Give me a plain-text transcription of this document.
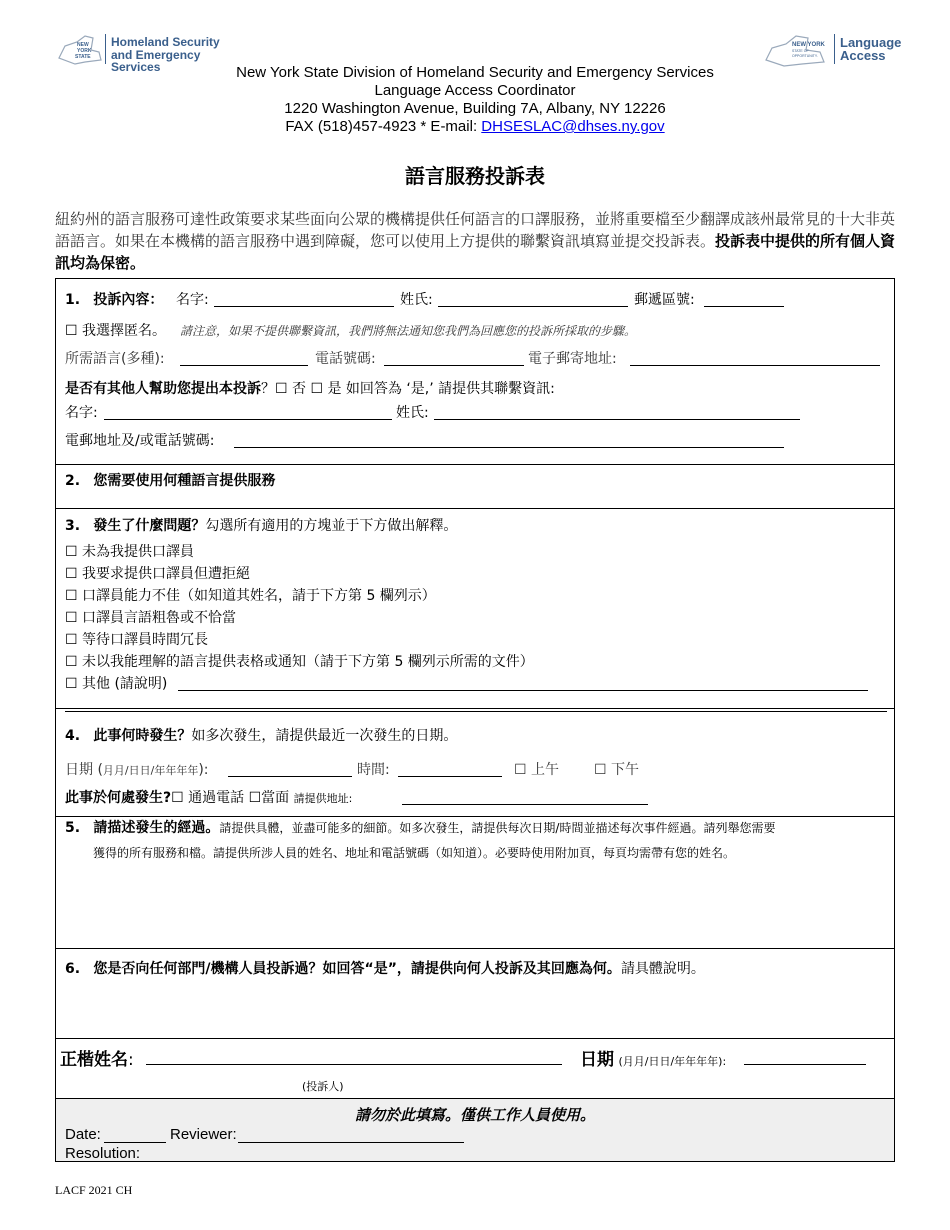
NEW
YORK
STATE
Homeland Security
and Emergency Services
NEW YORK
STATE OF
OPPORTUNITY.
Language
Access
New York State Division of Homeland Security and Emergency Services
Language Access Coordinator
1220 Washington Avenue, Building 7A, Albany, NY 12226
FAX (518)457-4923 * E-mail: DHSESLAC@dhses.ny.gov
語言服務投訴表
紐約州的語言服務可達性政策要求某些面向公眾的機構提供任何語言的口譯服務，並將重要檔至少翻譯成該州最常見的十大非英語語言。如果在本機構的語言服務中遇到障礙，您可以使用上方提供的聯繫資訊填寫並提交投訴表。投訴表中提供的所有個人資訊均為保密。
1. 投訴內容： 名字:	姓氏:	郵遞區號:
☐ 我選擇匿名。 請注意，如果不提供聯繫資訊，我們將無法通知您我們為回應您的投訴所採取的步驟。
所需語言(多種):	電話號碼:	電子郵寄地址:
是否有其他人幫助您提出本投訴？☐ 否 ☐ 是 如回答為 ‘是,’ 請提供其聯繫資訊:
名字:	姓氏:
電郵地址及/或電話號碼:
2. 您需要使用何種語言提供服務
3. 發生了什麼問題？勾選所有適用的方塊並于下方做出解釋。
☐ 未為我提供口譯員
☐ 我要求提供口譯員但遭拒絕
☐ 口譯員能力不佳（如知道其姓名，請于下方第 5 欄列示）
☐ 口譯員言語粗魯或不恰當
☐ 等待口譯員時間冗長
☐ 未以我能理解的語言提供表格或通知（請于下方第 5 欄列示所需的文件）
☐ 其他 (請說明)
4. 此事何時發生？如多次發生，請提供最近一次發生的日期。
日期 (月月/日日/年年年年):	時間:	☐ 上午 ☐ 下午
此事於何處發生?☐ 通過電話 ☐當面 請提供地址:
5. 請描述發生的經過。請提供具體，並盡可能多的細節。如多次發生，請提供每次日期/時間並描述每次事件經過。請列舉您需要
獲得的所有服務和檔。請提供所涉人員的姓名、地址和電話號碼（如知道）。必要時使用附加頁，每頁均需帶有您的姓名。
6. 您是否向任何部門/機構人員投訴過？如回答“是”，請提供向何人投訴及其回應為何。請具體說明。
正楷姓名:	日期 (月月/日日/年年年年):
(投訴人)
請勿於此填寫。僅供工作人員使用。
Date:	Reviewer:
Resolution:
LACF 2021 CH
